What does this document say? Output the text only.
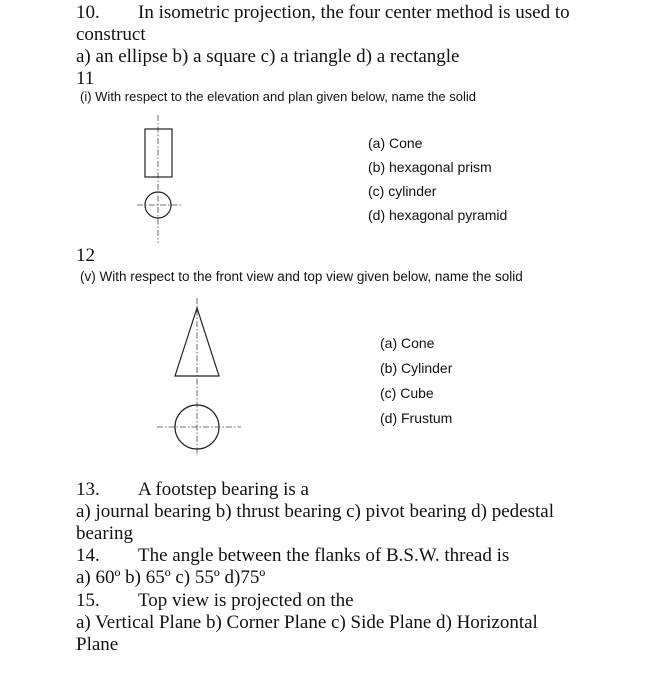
10. In isometric projection, the four center method is used to
construct
a) an ellipse b) a square c) a triangle d) a rectangle
11
(i) With respect to the elevation and plan given below, name the solid
(a) Cone
(b) hexagonal prism
(c) cylinder
(d) hexagonal pyramid
12
(v) With respect to the front view and top view given below, name the solid
(a) Cone
(b) Cylinder
(c) Cube
(d) Frustum
13. A footstep bearing is a
a) journal bearing b) thrust bearing c) pivot bearing d) pedestal
bearing
14. The angle between the flanks of B.S.W. thread is
a) 60º b) 65º c) 55º d)75º
15. Top view is projected on the
a) Vertical Plane b) Corner Plane c) Side Plane d) Horizontal
Plane
